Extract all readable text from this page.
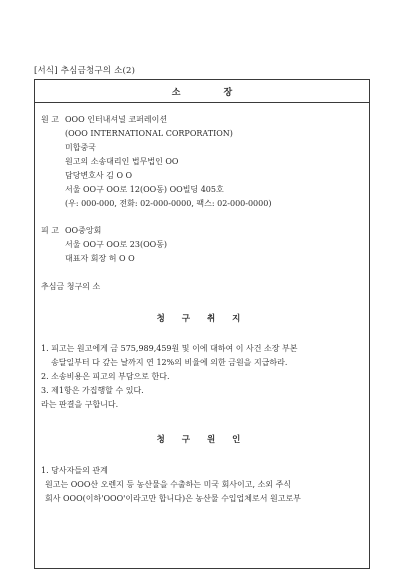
[서식] 추심금청구의 소(2)
소 장
원 고 OOO 인터내셔널 코퍼레이션
(OOO INTERNATIONAL CORPORATION)
미합중국
원고의 소송대리인 법무법인 OO
담당변호사 김 O O
서울 OO구 OO로 12(OO동) OO빌딩 405호
(우: 000-000, 전화: 02-000-0000, 팩스: 02-000-0000)
피 고 OO중앙회
서울 OO구 OO로 23(OO동)
대표자 회장 허 O O
추심금 청구의 소
청 구 취 지
1. 피고는 원고에게 금 575,989,459원 및 이에 대하여 이 사건 소장 부본
송달일부터 다 갚는 날까지 연 12%의 비율에 의한 금원을 지급하라.
2. 소송비용은 피고의 부담으로 한다.
3. 제1항은 가집행할 수 있다.
라는 판결을 구합니다.
청 구 원 인
1. 당사자들의 관계
원고는 OOO산 오렌지 등 농산물을 수출하는 미국 회사이고, 소외 주식
회사 OOO(이하'OOO'이라고만 합니다)은 농산물 수입업체로서 원고로부
